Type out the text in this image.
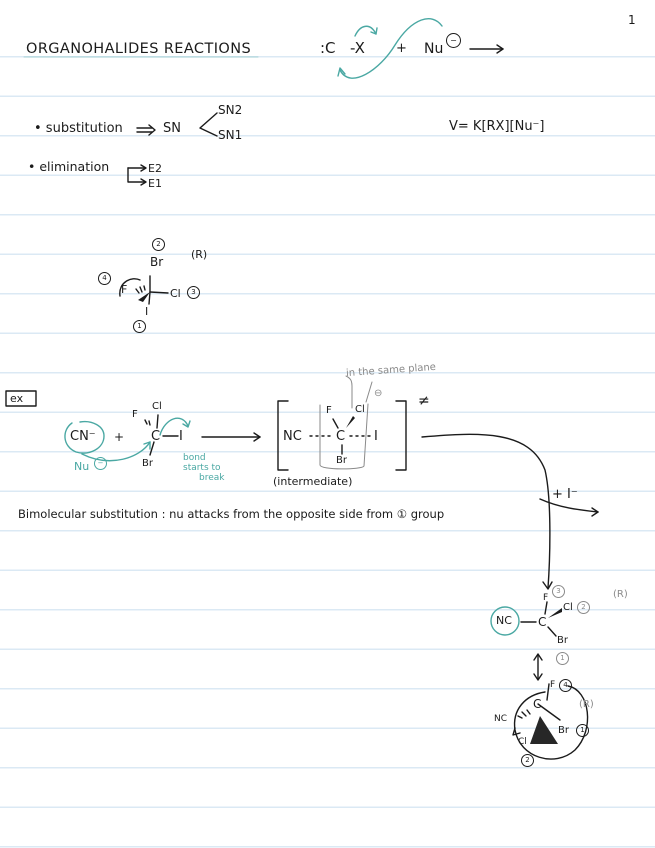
1
ORGANOHALIDES REACTIONS	:C -X + Nu
−
• substitution	SN
SN2
SN1
• elimination	E2
E1
V= K[RX][Nu⁻]
2
Br
(R)
4
F	Cl	3
I
1
ex
CN⁻ +
Nu	−
F
Cl
C I
Br	bond
starts to
break
in the same plane
⊖
NC	C I
F Cl
Br
≠
(intermediate)
+ I⁻
Bimolecular substitution : nu attacks from the opposite side from ① group
NC C
F
3
Cl	2
Br
1
(R)
F	4
C
NC
Br	1
Cl
2
(R)
